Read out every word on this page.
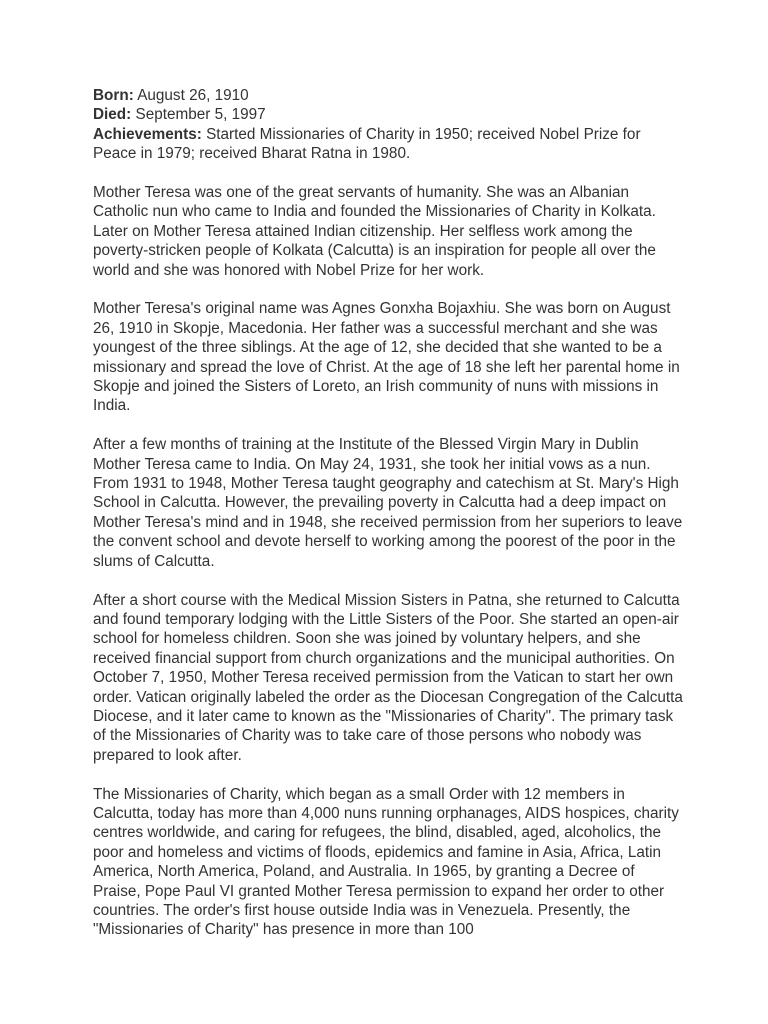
Born: August 26, 1910

Died: September 5, 1997

Achievements: Started Missionaries of Charity in 1950; received Nobel Prize for Peace in 1979; received Bharat Ratna in 1980.

Mother Teresa was one of the great servants of humanity. She was an Albanian Catholic nun who came to India and founded the Missionaries of Charity in Kolkata. Later on Mother Teresa attained Indian citizenship. Her selfless work among the poverty-stricken people of Kolkata (Calcutta) is an inspiration for people all over the world and she was honored with Nobel Prize for her work.

Mother Teresa's original name was Agnes Gonxha Bojaxhiu. She was born on August 26, 1910 in Skopje, Macedonia. Her father was a successful merchant and she was youngest of the three siblings. At the age of 12, she decided that she wanted to be a missionary and spread the love of Christ. At the age of 18 she left her parental home in Skopje and joined the Sisters of Loreto, an Irish community of nuns with missions in India.

After a few months of training at the Institute of the Blessed Virgin Mary in Dublin Mother Teresa came to India. On May 24, 1931, she took her initial vows as a nun. From 1931 to 1948, Mother Teresa taught geography and catechism at St. Mary's High School in Calcutta. However, the prevailing poverty in Calcutta had a deep impact on Mother Teresa's mind and in 1948, she received permission from her superiors to leave the convent school and devote herself to working among the poorest of the poor in the slums of Calcutta.

After a short course with the Medical Mission Sisters in Patna, she returned to Calcutta and found temporary lodging with the Little Sisters of the Poor. She started an open-air school for homeless children. Soon she was joined by voluntary helpers, and she received financial support from church organizations and the municipal authorities. On October 7, 1950, Mother Teresa received permission from the Vatican to start her own order. Vatican originally labeled the order as the Diocesan Congregation of the Calcutta Diocese, and it later came to known as the "Missionaries of Charity". The primary task of the Missionaries of Charity was to take care of those persons who nobody was prepared to look after.

The Missionaries of Charity, which began as a small Order with 12 members in Calcutta, today has more than 4,000 nuns running orphanages, AIDS hospices, charity centres worldwide, and caring for refugees, the blind, disabled, aged, alcoholics, the poor and homeless and victims of floods, epidemics and famine in Asia, Africa, Latin America, North America, Poland, and Australia. In 1965, by granting a Decree of Praise, Pope Paul VI granted Mother Teresa permission to expand her order to other countries. The order's first house outside India was in Venezuela. Presently, the "Missionaries of Charity" has presence in more than 100
